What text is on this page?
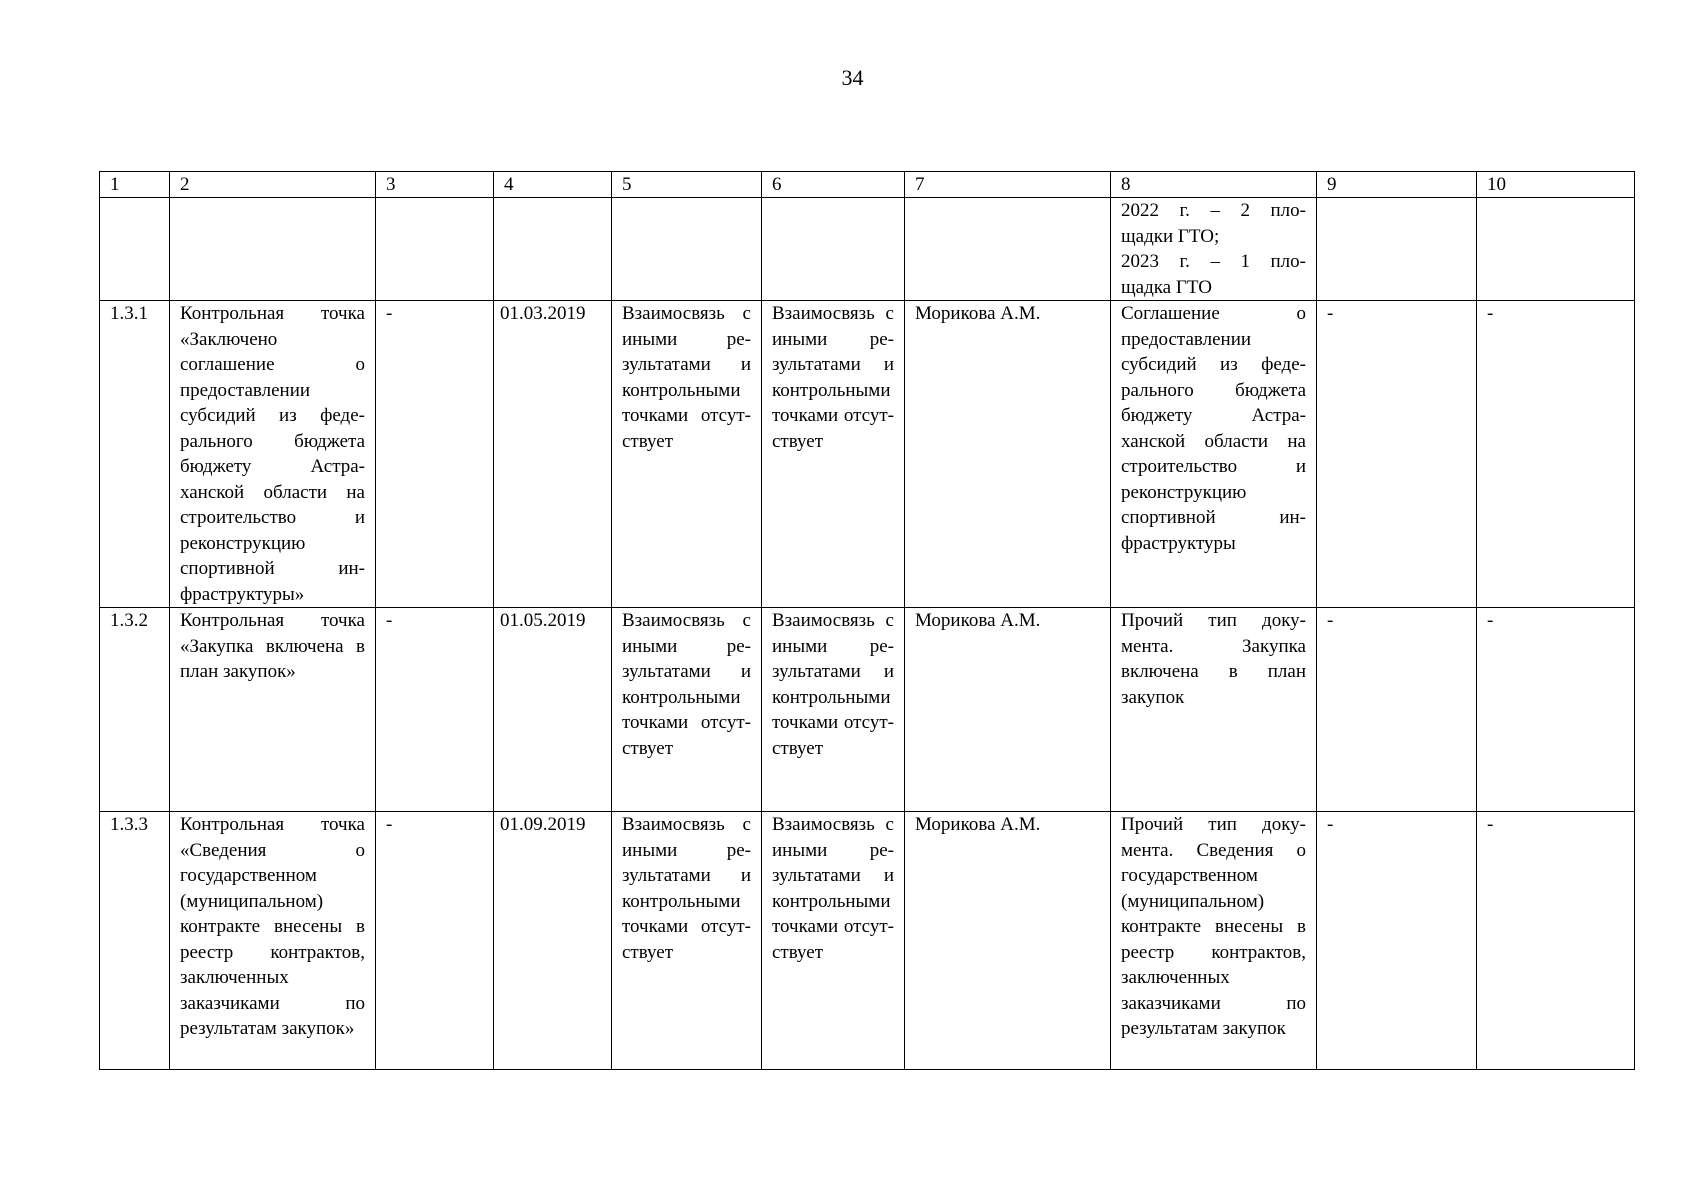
34
1	2	3	4	5	6	7	8	9	10

							2022 г. – 2 пло-
щадки ГТО;
2023 г. – 1 пло-
щадка ГТО		

1.3.1	Контрольная точка «Заключено соглашение о предоставлении субсидий из федерального бюджета бюджету Астраханской области на строительство и реконструкцию спортивной инфраструктуры»	-	01.03.2019	Взаимосвязь с иными результатами и контрольными точками отсутствует	Взаимосвязь с иными результатами и контрольными точками отсутствует	Морикова А.М.	Соглашение о предоставлении субсидий из федерального бюджета бюджету Астраханской области на строительство и реконструкцию спортивной инфраструктуры	-	-
1.3.2	Контрольная точка «Закупка включена в план закупок»	-	01.05.2019	Взаимосвязь с иными результатами и контрольными точками отсутствует	Взаимосвязь с иными результатами и контрольными точками отсутствует	Морикова А.М.	Прочий тип документа. Закупка включена в план закупок	-	-
1.3.3	Контрольная точка «Сведения о государственном (муниципальном) контракте внесены в реестр контрактов, заключенных заказчиками по результатам закупок»	-	01.09.2019	Взаимосвязь с иными результатами и контрольными точками отсутствует	Взаимосвязь с иными результатами и контрольными точками отсутствует	Морикова А.М.	Прочий тип документа. Сведения о государственном (муниципальном) контракте внесены в реестр контрактов, заключенных заказчиками по результатам закупок	-	-
